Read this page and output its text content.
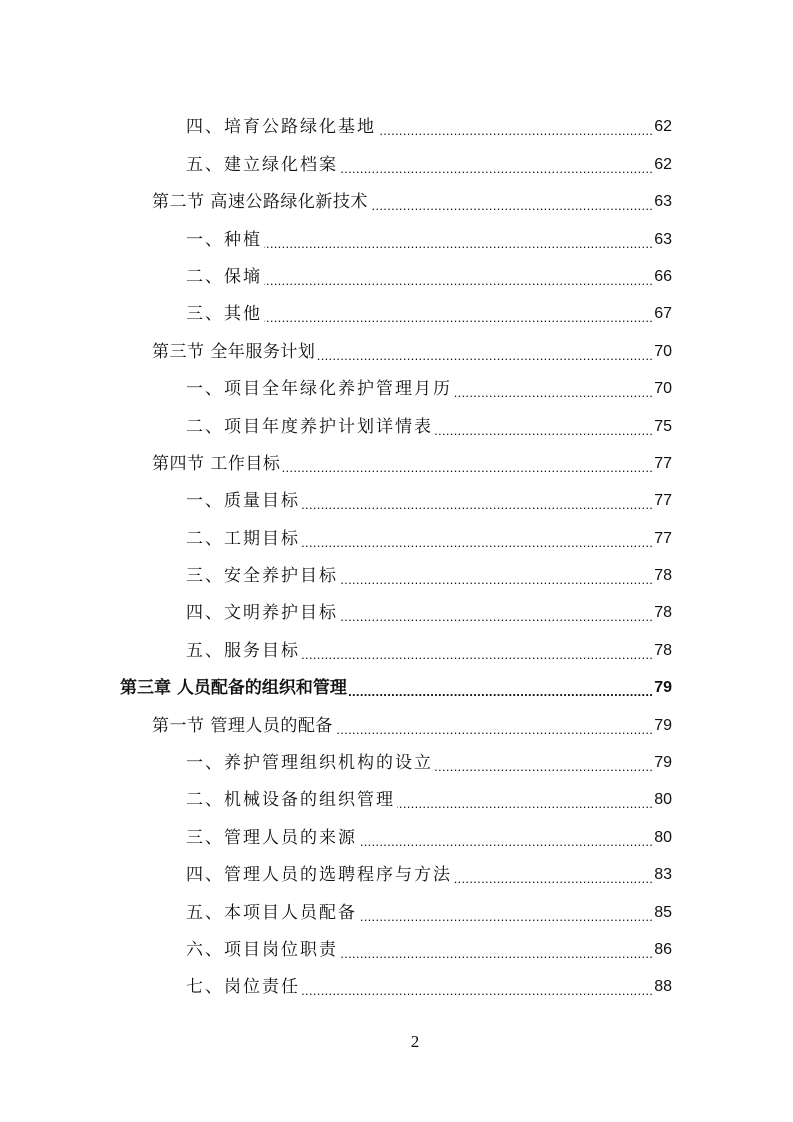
四、培育公路绿化基地 .....	62
五、建立绿化档案 .....	62
第二节 高速公路绿化新技术 .....	63
一、种植 .....	63
二、保墒 .....	66
三、其他 .....	67
第三节 全年服务计划 .....	70
一、项目全年绿化养护管理月历 .....	70
二、项目年度养护计划详情表 .....	75
第四节 工作目标 .....	77
一、质量目标 .....	77
二、工期目标 .....	77
三、安全养护目标 .....	78
四、文明养护目标 .....	78
五、服务目标 .....	78
第三章 人员配备的组织和管理 .....	79
第一节 管理人员的配备 .....	79
一、养护管理组织机构的设立 .....	79
二、机械设备的组织管理 .....	80
三、管理人员的来源 .....	80
四、管理人员的选聘程序与方法 .....	83
五、本项目人员配备 .....	85
六、项目岗位职责 .....	86
七、岗位责任 .....	88
2
